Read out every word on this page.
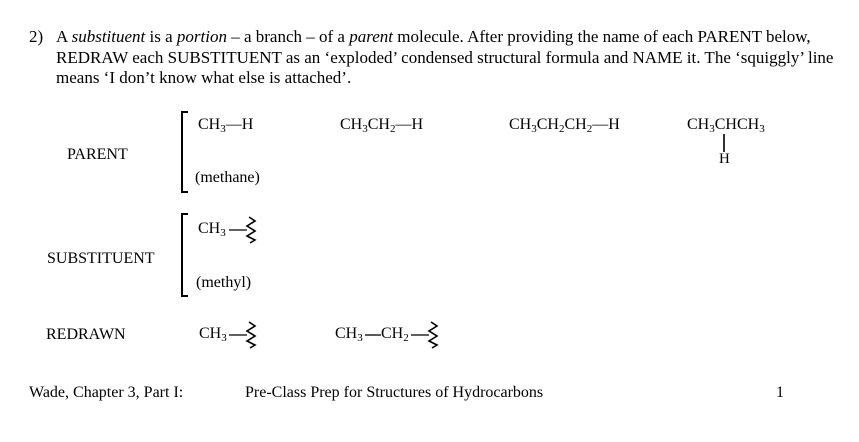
2) A substituent is a portion – a branch – of a parent molecule. After providing the name of each PARENT below, REDRAW each SUBSTITUENT as an ‘exploded’ condensed structural formula and NAME it. The ‘squiggly’ line means ‘I don’t know what else is attached’.
PARENT
SUBSTITUENT
REDRAWN
$CH_3—H$	$CH_3CH_2—H$	$CH_3CH_2CH_2—H$	$CH_3CHCH_3$
H
(methane)
$CH_3$
(methyl)
$CH_3$	$CH_3$ $CH_2$
Wade, Chapter 3, Part I:	Pre-Class Prep for Structures of Hydrocarbons	1
